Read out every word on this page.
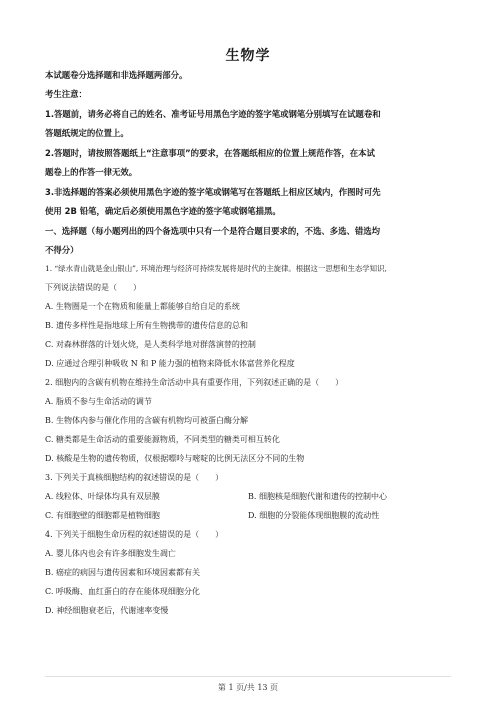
生物学
本试题卷分选择题和非选择题两部分。
考生注意：
1.答题前，请务必将自己的姓名、准考证号用黑色字迹的签字笔或钢笔分别填写在试题卷和
答题纸规定的位置上。
2.答题时，请按照答题纸上“注意事项”的要求，在答题纸相应的位置上规范作答，在本试
题卷上的作答一律无效。
3.非选择题的答案必须使用黑色字迹的签字笔或钢笔写在答题纸上相应区域内，作图时可先
使用 2B 铅笔，确定后必须使用黑色字迹的签字笔或钢笔描黑。
一、选择题（每小题列出的四个备选项中只有一个是符合题目要求的，不选、多选、错选均
不得分）
1. “绿水青山就是金山银山”, 环境治理与经济可持续发展将是时代的主旋律。根据这一思想和生态学知识,
下列说法错误的是（　　）
A. 生物圈是一个在物质和能量上都能够自给自足的系统
B. 遗传多样性是指地球上所有生物携带的遗传信息的总和
C. 对森林群落的计划火烧，是人类科学地对群落演替的控制
D. 应通过合理引种吸收 N 和 P 能力强的植物来降低水体富营养化程度
2. 细胞内的含碳有机物在维持生命活动中具有重要作用，下列叙述正确的是（　　）
A. 脂质不参与生命活动的调节
B. 生物体内参与催化作用的含碳有机物均可被蛋白酶分解
C. 糖类都是生命活动的重要能源物质，不同类型的糖类可相互转化
D. 核酸是生物的遗传物质，仅根据嘌呤与嘧啶的比例无法区分不同的生物
3. 下列关于真核细胞结构的叙述错误的是（　　）
A. 线粒体、叶绿体均具有双层膜	B. 细胞核是细胞代谢和遗传的控制中心
C. 有细胞壁的细胞都是植物细胞	D. 细胞的分裂能体现细胞膜的流动性
4. 下列关于细胞生命历程的叙述错误的是（　　）
A. 婴儿体内也会有许多细胞发生凋亡
B. 癌症的病因与遗传因素和环境因素都有关
C. 呼吸酶、血红蛋白的存在能体现细胞分化
D. 神经细胞衰老后，代谢速率变慢
第 1 页/共 13 页
